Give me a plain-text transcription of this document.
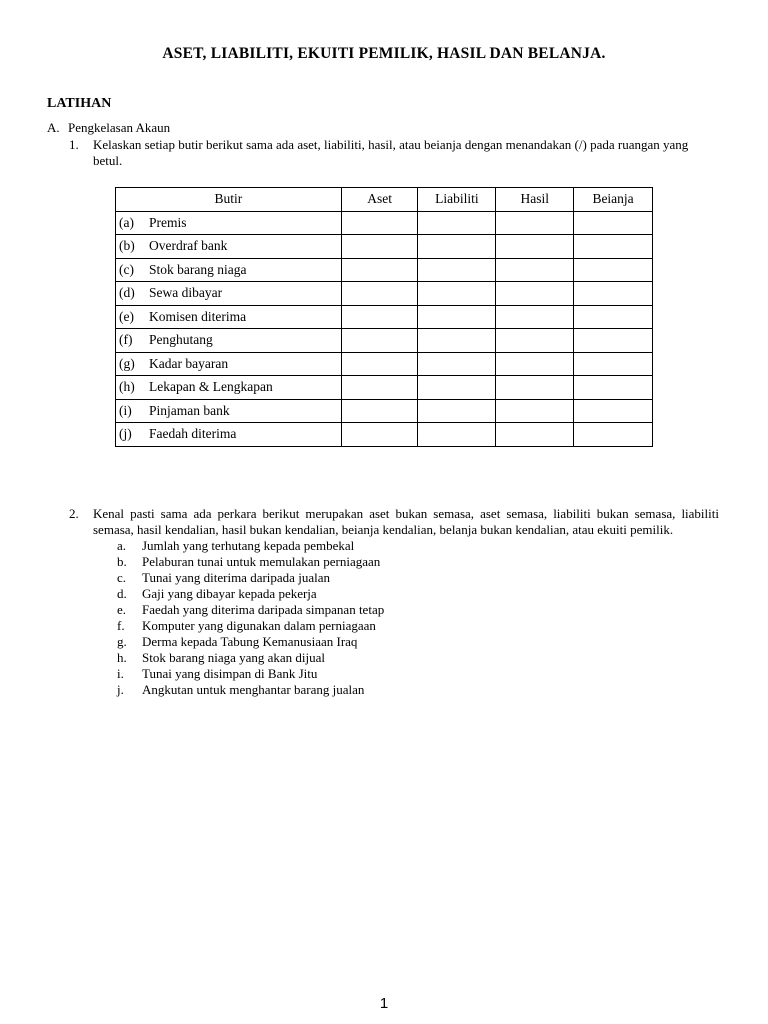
ASET, LIABILITI, EKUITI PEMILIK, HASIL DAN BELANJA.
LATIHAN
A. Pengkelasan Akaun
1. Kelaskan setiap butir berikut sama ada aset, liabiliti, hasil, atau beianja dengan menandakan (/) pada ruangan yang betul.
Butir	Aset	Liabiliti	Hasil	Beianja
(a) Premis				
(b) Overdraf bank				
(c) Stok barang niaga				
(d) Sewa dibayar				
(e) Komisen diterima				
(f) Penghutang				
(g) Kadar bayaran				
(h) Lekapan & Lengkapan				
(i) Pinjaman bank				
(j) Faedah diterima				
2. Kenal pasti sama ada perkara berikut merupakan aset bukan semasa, aset semasa, liabiliti bukan semasa, liabiliti semasa, hasil kendalian, hasil bukan kendalian, beianja kendalian, belanja bukan kendalian, atau ekuiti pemilik.
a.	Jumlah yang terhutang kepada pembekal
b.	Pelaburan tunai untuk memulakan perniagaan
c.	Tunai yang diterima daripada jualan
d.	Gaji yang dibayar kepada pekerja
e.	Faedah yang diterima daripada simpanan tetap
f.	Komputer yang digunakan dalam perniagaan
g.	Derma kepada Tabung Kemanusiaan Iraq
h.	Stok barang niaga yang akan dijual
i.	Tunai yang disimpan di Bank Jitu
j.	Angkutan untuk menghantar barang jualan
1
